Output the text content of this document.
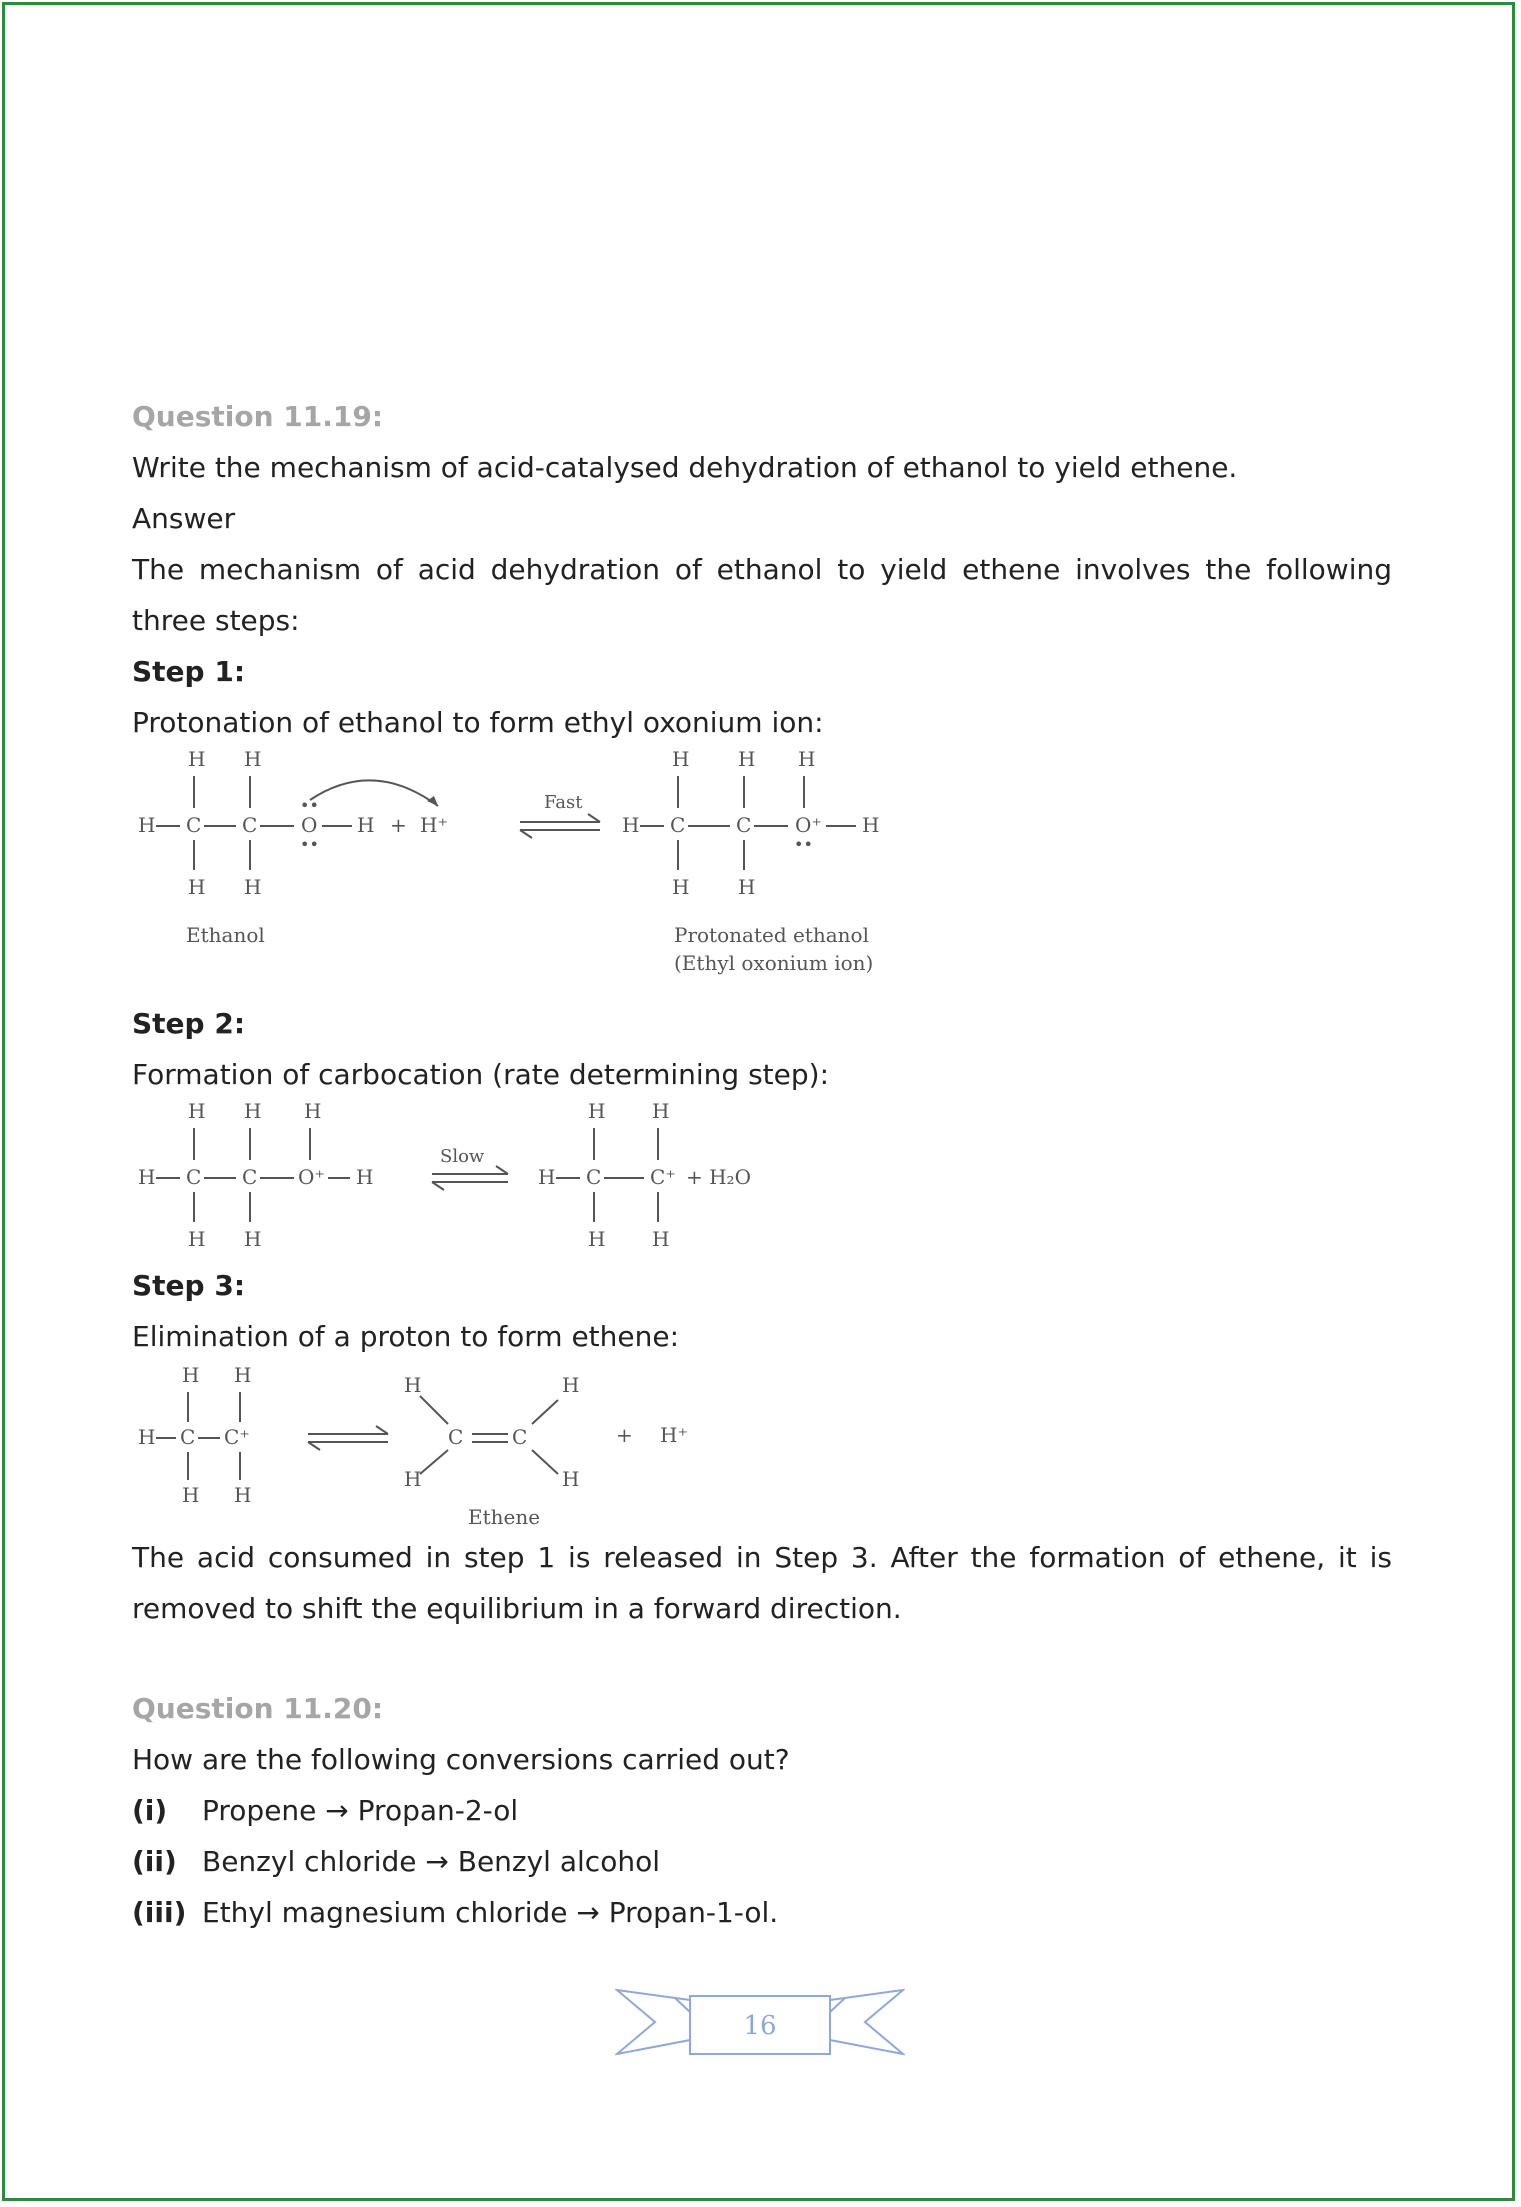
Question 11.19:
Write the mechanism of acid-catalysed dehydration of ethanol to yield ethene.
Answer
The mechanism of acid dehydration of ethanol to yield ethene involves the following three steps:
Step 1:
Protonation of ethanol to form ethyl oxonium ion:
H C C O
••
••
H
H H
H H
+ H⁺
Ethanol
Fast
H C	C O⁺
••
H
H H H
H H
Protonated ethanol
(Ethyl oxonium ion)
Step 2:
Formation of carbocation (rate determining step):
H C C O⁺ H
H H H
H H
Slow
H C C⁺ + H₂O
H H
H H
Step 3:
Elimination of a proton to form ethene:
H C C⁺
H H
H H
H
H
C C
H
H
+ H⁺
Ethene
The acid consumed in step 1 is released in Step 3. After the formation of ethene, it is removed to shift the equilibrium in a forward direction.
Question 11.20:
How are the following conversions carried out?
(i)	Propene → Propan-2-ol
(ii) Benzyl chloride → Benzyl alcohol
(iii) Ethyl magnesium chloride → Propan-1-ol.
16
